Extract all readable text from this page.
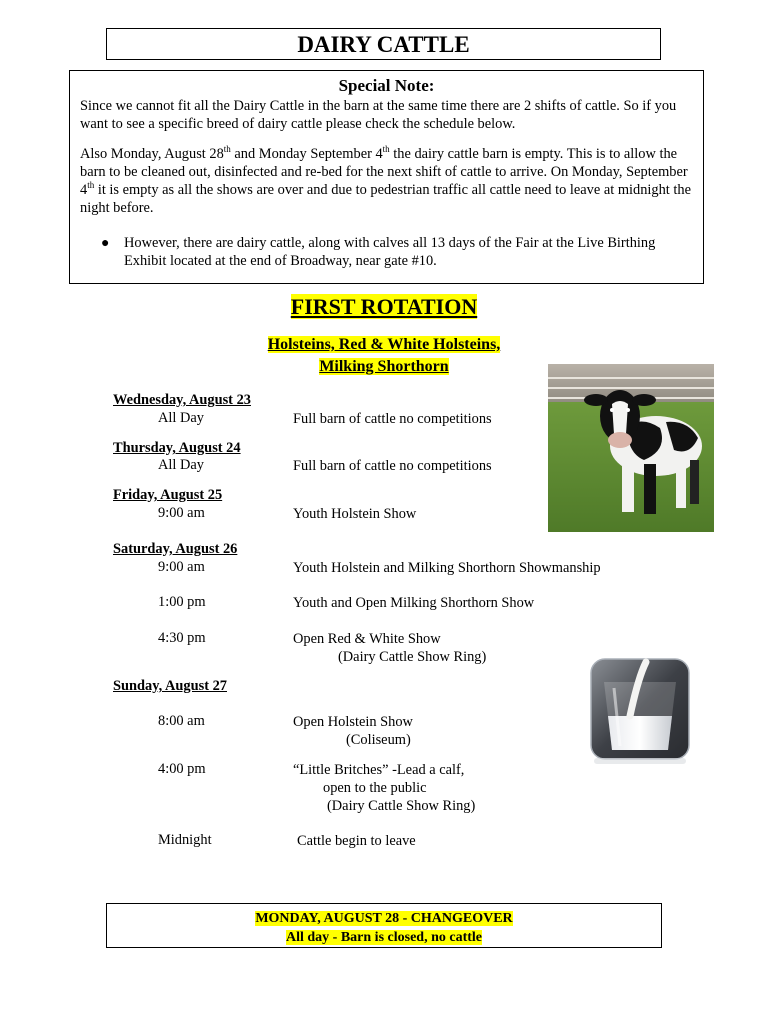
DAIRY CATTLE
Special Note:

Since we cannot fit all the Dairy Cattle in the barn at the same time there are 2 shifts of cattle. So if you want to see a specific breed of dairy cattle please check the schedule below.

Also Monday, August 28th and Monday September 4th the dairy cattle barn is empty. This is to allow the barn to be cleaned out, disinfected and re-bed for the next shift of cattle to arrive. On Monday, September 4th it is empty as all the shows are over and due to pedestrian traffic all cattle need to leave at midnight the night before.

● However, there are dairy cattle, along with calves all 13 days of the Fair at the Live Birthing Exhibit located at the end of Broadway, near gate #10.
FIRST ROTATION
Holsteins, Red & White Holsteins,
Milking Shorthorn
Wednesday, August 23
All Day	Full barn of cattle no competitions
Thursday, August 24
All Day	Full barn of cattle no competitions
Friday, August 25
9:00 am	Youth Holstein Show
Saturday, August 26
9:00 am	Youth Holstein and Milking Shorthorn Showmanship
1:00 pm	Youth and Open Milking Shorthorn Show
4:30 pm	Open Red & White Show
(Dairy Cattle Show Ring)
Sunday, August 27
8:00 am	Open Holstein Show
(Coliseum)
4:00 pm	“Little Britches” -Lead a calf,
open to the public
(Dairy Cattle Show Ring)
Midnight	Cattle begin to leave
MONDAY, AUGUST 28 - CHANGEOVER
All day - Barn is closed, no cattle
